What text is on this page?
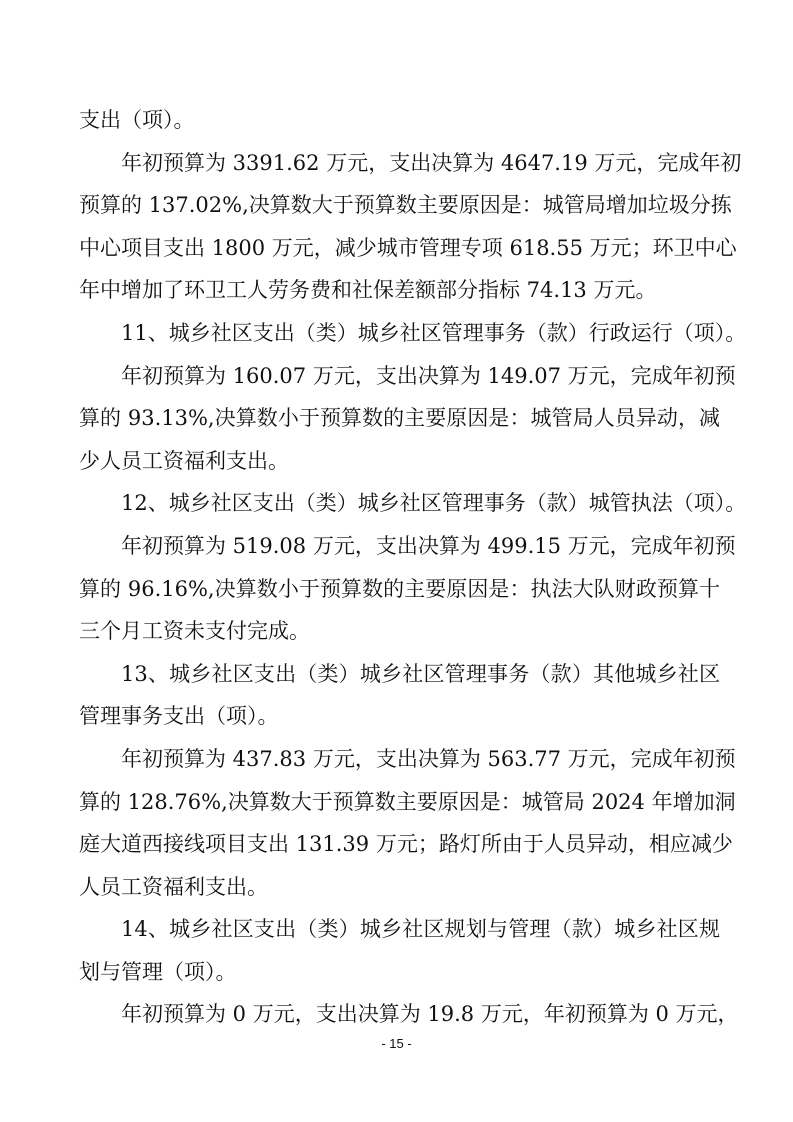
支出（项）。
年初预算为 3391.62 万元，支出决算为 4647.19 万元，完成年初
预算的 137.02%,决算数大于预算数主要原因是：城管局增加垃圾分拣
中心项目支出 1800 万元，减少城市管理专项 618.55 万元；环卫中心
年中增加了环卫工人劳务费和社保差额部分指标 74.13 万元。
11、城乡社区支出（类）城乡社区管理事务（款）行政运行（项）。
年初预算为 160.07 万元，支出决算为 149.07 万元，完成年初预
算的 93.13%,决算数小于预算数的主要原因是：城管局人员异动，减
少人员工资福利支出。
12、城乡社区支出（类）城乡社区管理事务（款）城管执法（项）。
年初预算为 519.08 万元，支出决算为 499.15 万元，完成年初预
算的 96.16%,决算数小于预算数的主要原因是：执法大队财政预算十
三个月工资未支付完成。
13、城乡社区支出（类）城乡社区管理事务（款）其他城乡社区
管理事务支出（项）。
年初预算为 437.83 万元，支出决算为 563.77 万元，完成年初预
算的 128.76%,决算数大于预算数主要原因是：城管局 2024 年增加洞
庭大道西接线项目支出 131.39 万元；路灯所由于人员异动，相应减少
人员工资福利支出。
14、城乡社区支出（类）城乡社区规划与管理（款）城乡社区规
划与管理（项）。
年初预算为 0 万元，支出决算为 19.8 万元，年初预算为 0 万元，
- 15 -
